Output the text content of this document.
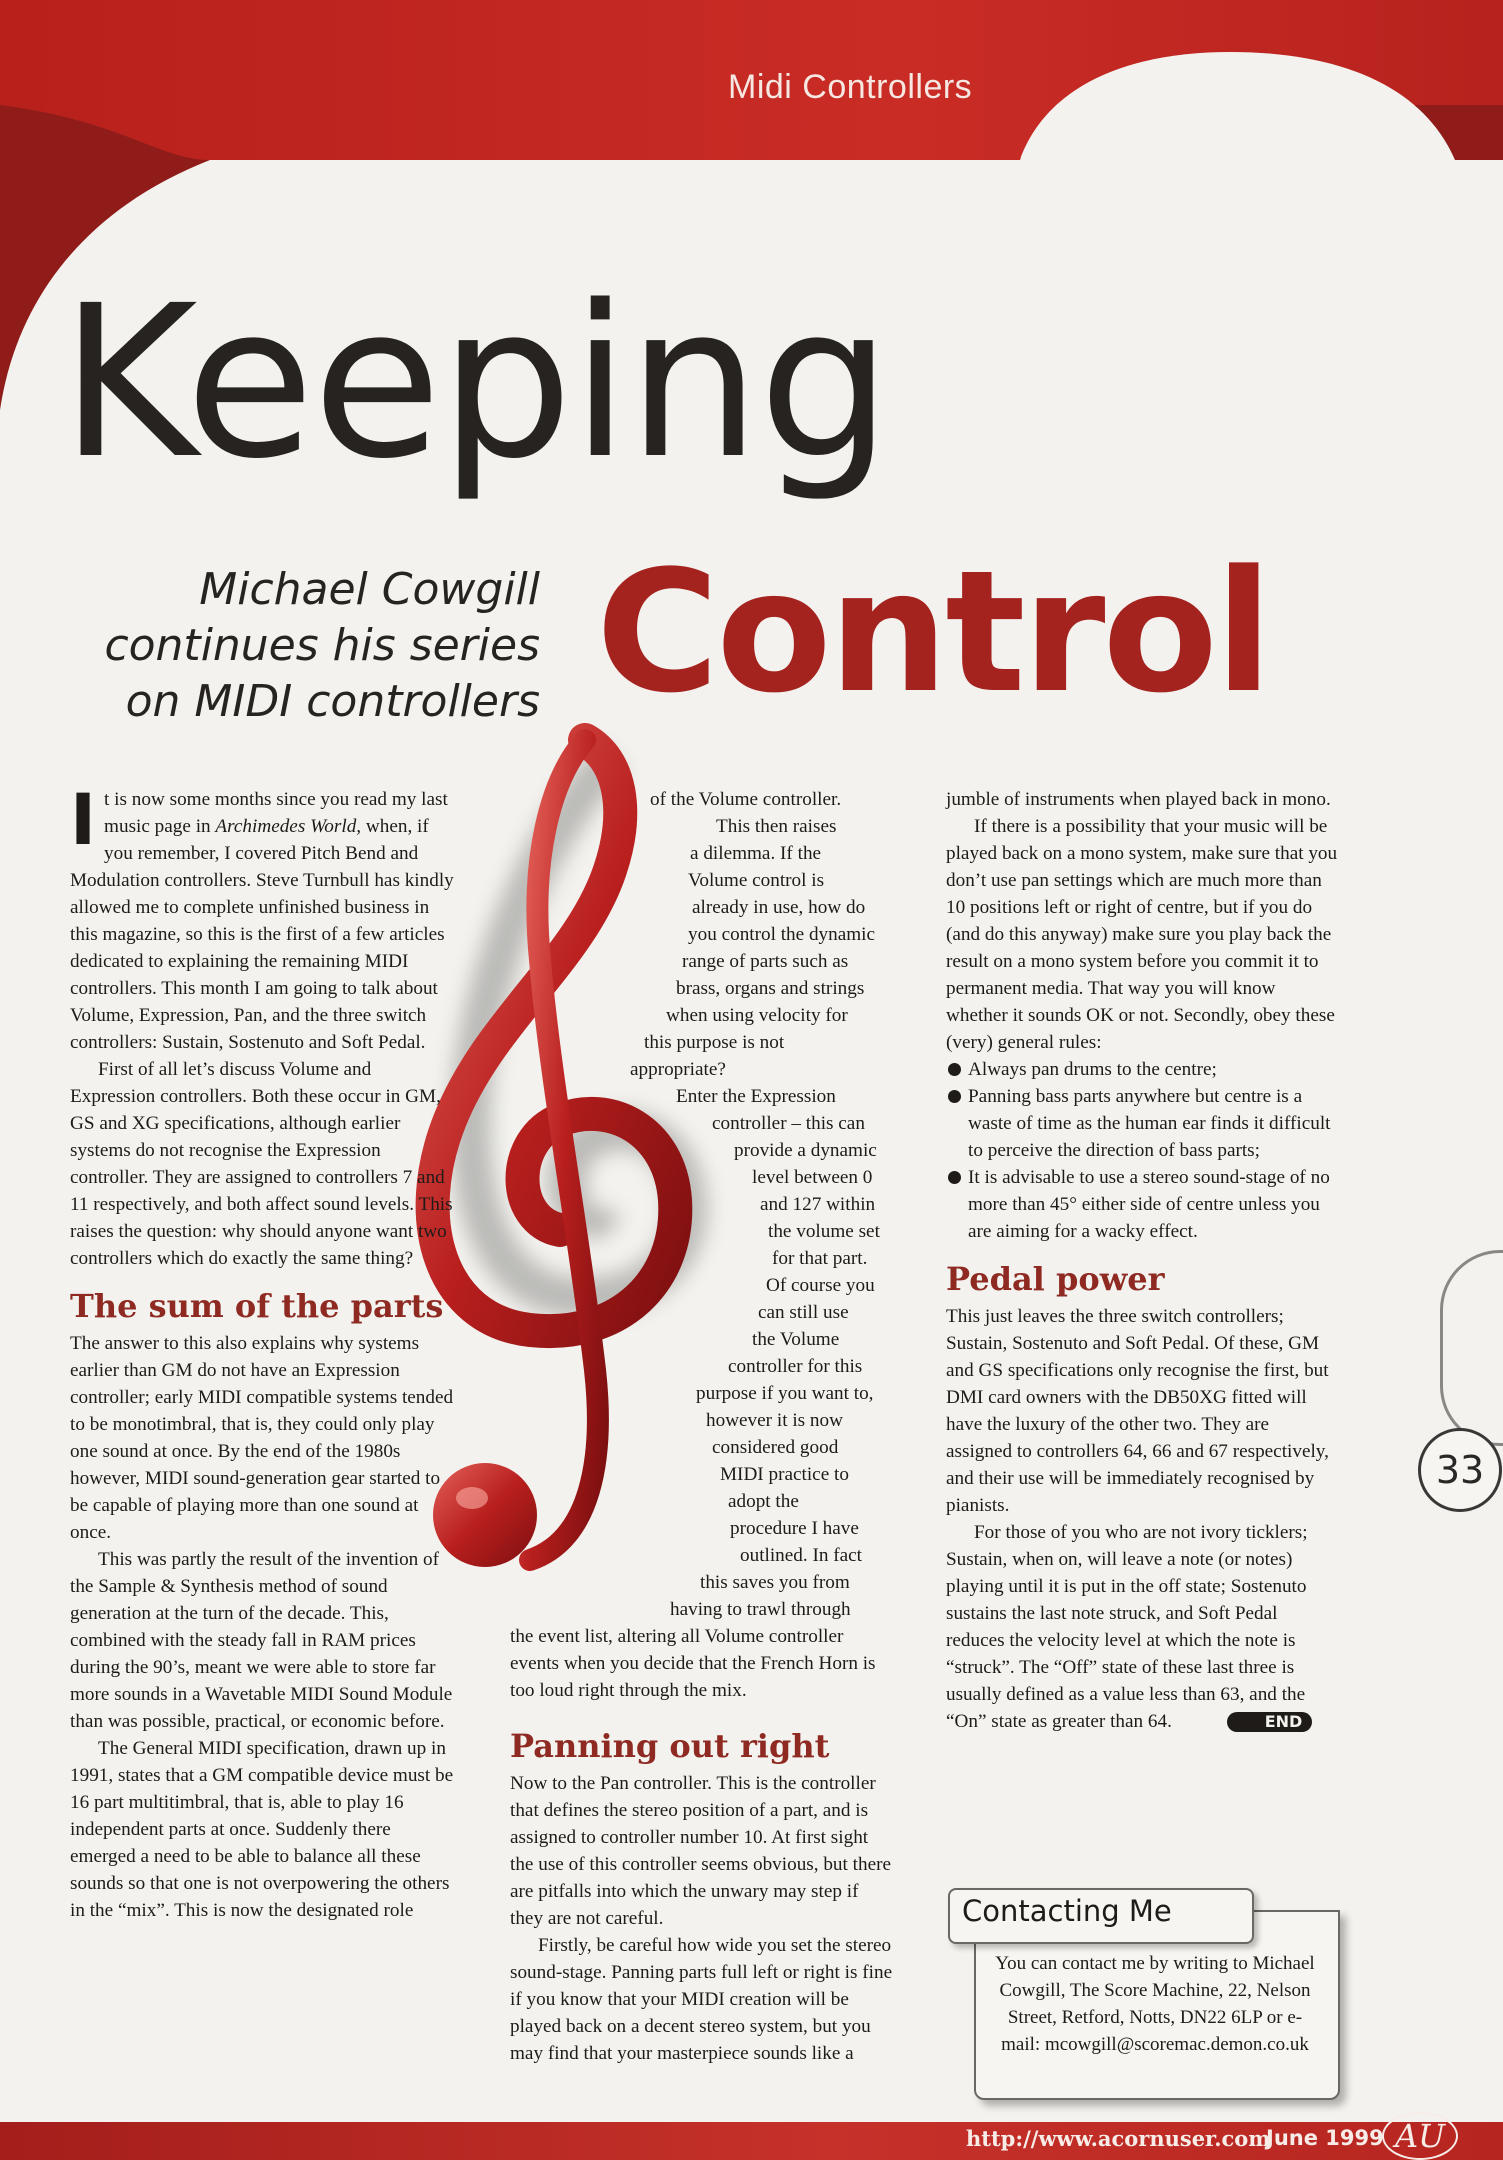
Midi Controllers
Keeping
Michael Cowgill continues his series on MIDI controllers Control

I t is now some months since you read my last music page in Archimedes World, when, if you remember, I covered Pitch Bend and Modulation controllers. Steve Turnbull has kindly allowed me to complete unfinished business in this magazine, so this is the first of a few articles dedicated to explaining the remaining MIDI controllers. This month I am going to talk about Volume, Expression, Pan, and the three switch controllers: Sustain, Sostenuto and Soft Pedal.

First of all let’s discuss Volume and Expression controllers. Both these occur in GM, GS and XG specifications, although earlier systems do not recognise the Expression controller. They are assigned to controllers 7 and 11 respectively, and both affect sound levels. This raises the question: why should anyone want two controllers which do exactly the same thing?

The sum of the parts

The answer to this also explains why systems earlier than GM do not have an Expression controller; early MIDI compatible systems tended to be monotimbral, that is, they could only play one sound at once. By the end of the 1980s however, MIDI sound-generation gear started to be capable of playing more than one sound at once.

This was partly the result of the invention of the Sample & Synthesis method of sound generation at the turn of the decade. This, combined with the steady fall in RAM prices during the 90’s, meant we were able to store far more sounds in a Wavetable MIDI Sound Module than was possible, practical, or economic before.

The General MIDI specification, drawn up in 1991, states that a GM compatible device must be 16 part multitimbral, that is, able to play 16 independent parts at once. Suddenly there emerged a need to be able to balance all these sounds so that one is not overpowering the others in the “mix”. This is now the designated role

of the Volume controller.
This then raises
a dilemma. If the
Volume control is
already in use, how do
you control the dynamic
range of parts such as
brass, organs and strings
when using velocity for
this purpose is not
appropriate?
Enter the Expression
controller – this can
provide a dynamic
level between 0
and 127 within
the volume set
for that part.
Of course you
can still use
the Volume
controller for this
purpose if you want to,
however it is now
considered good
MIDI practice to
adopt the
procedure I have
outlined. In fact
this saves you from
having to trawl through

the event list, altering all Volume controller events when you decide that the French Horn is too loud right through the mix.

Panning out right

Now to the Pan controller. This is the controller that defines the stereo position of a part, and is assigned to controller number 10. At first sight the use of this controller seems obvious, but there are pitfalls into which the unwary may step if they are not careful.

Firstly, be careful how wide you set the stereo sound-stage. Panning parts full left or right is fine if you know that your MIDI creation will be played back on a decent stereo system, but you may find that your masterpiece sounds like a

jumble of instruments when played back in mono.

If there is a possibility that your music will be played back on a mono system, make sure that you don’t use pan settings which are much more than 10 positions left or right of centre, but if you do (and do this anyway) make sure you play back the result on a mono system before you commit it to permanent media. That way you will know whether it sounds OK or not. Secondly, obey these (very) general rules:

Always pan drums to the centre;
Panning bass parts anywhere but centre is a waste of time as the human ear finds it difficult to perceive the direction of bass parts;
It is advisable to use a stereo sound-stage of no more than 45° either side of centre unless you are aiming for a wacky effect.
Pedal power

This just leaves the three switch controllers; Sustain, Sostenuto and Soft Pedal. Of these, GM and GS specifications only recognise the first, but DMI card owners with the DB50XG fitted will have the luxury of the other two. They are assigned to controllers 64, 66 and 67 respectively, and their use will be immediately recognised by pianists.

For those of you who are not ivory ticklers; Sustain, when on, will leave a note (or notes) playing until it is put in the off state; Sostenuto sustains the last note struck, and Soft Pedal reduces the velocity level at which the note is “struck”. The “Off” state of these last three is usually defined as a value less than 63, and the “On” state as greater than 64.	END

Contacting Me
You can contact me by writing to Michael Cowgill, The Score Machine, 22, Nelson Street, Retford, Notts, DN22 6LP or e-mail: mcowgill@scoremac.demon.co.uk
33
http://www.acornuser.com
June 1999 AU
